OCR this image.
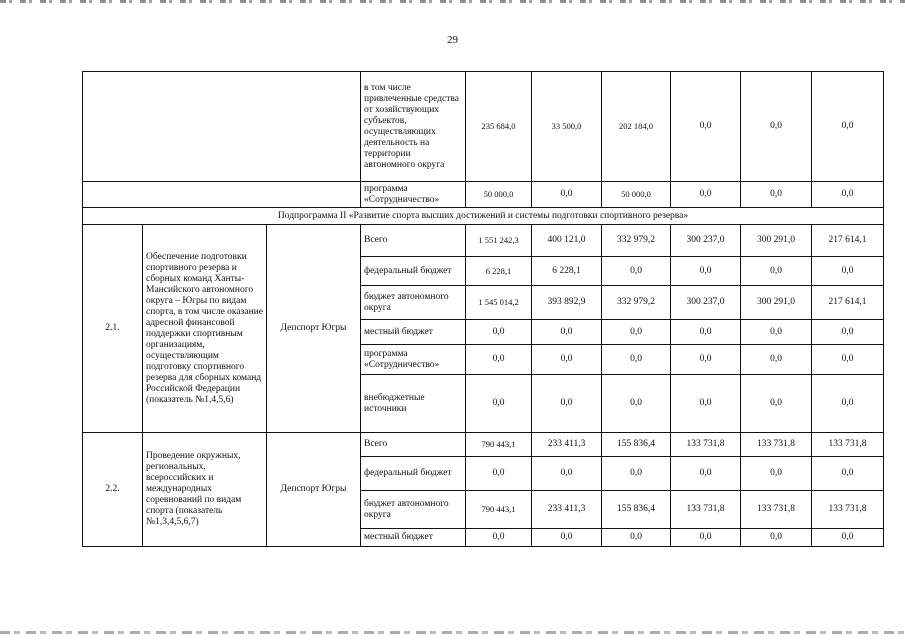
29
			в том числе привлеченные средства от хозяйствующих субъектов, осуществляющих деятельность на территории автономного округа	235 684,0	33 500,0	202 184,0	0,0	0,0	0,0
			программа «Сотрудничество»	50 000,0	0,0	50 000,0	0,0	0,0	0,0
Подпрограмма II «Развитие спорта высших достижений и системы подготовки спортивного резерва»									
2.1.	Обеспечение подготовки спортивного резерва и сборных команд Ханты-Мансийского автономного округа – Югры по видам спорта, в том числе оказание адресной финансовой поддержки спортивным организациям, осуществляющим подготовку спортивного резерва для сборных команд Российской Федерации (показатель №1,4,5,6)	Депспорт Югры	Всего	1 551 242,3	400 121,0	332 979,2	300 237,0	300 291,0	217 614,1
			федеральный бюджет	6 228,1	6 228,1	0,0	0,0	0,0	0,0
			бюджет автономного округа	1 545 014,2	393 892,9	332 979,2	300 237,0	300 291,0	217 614,1
			местный бюджет	0,0	0,0	0,0	0,0	0,0	0,0
			программа «Сотрудничество»	0,0	0,0	0,0	0,0	0,0	0,0
			внебюджетные источники	0,0	0,0	0,0	0,0	0,0	0,0
2.2.	Проведение окружных, региональных, всероссийских и международных соревнований по видам спорта (показатель №1,3,4,5,6,7)	Депспорт Югры	Всего	790 443,1	233 411,3	155 836,4	133 731,8	133 731,8	133 731,8
			федеральный бюджет	0,0	0,0	0,0	0,0	0,0	0,0
			бюджет автономного округа	790 443,1	233 411,3	155 836,4	133 731,8	133 731,8	133 731,8
			местный бюджет	0,0	0,0	0,0	0,0	0,0	0,0
